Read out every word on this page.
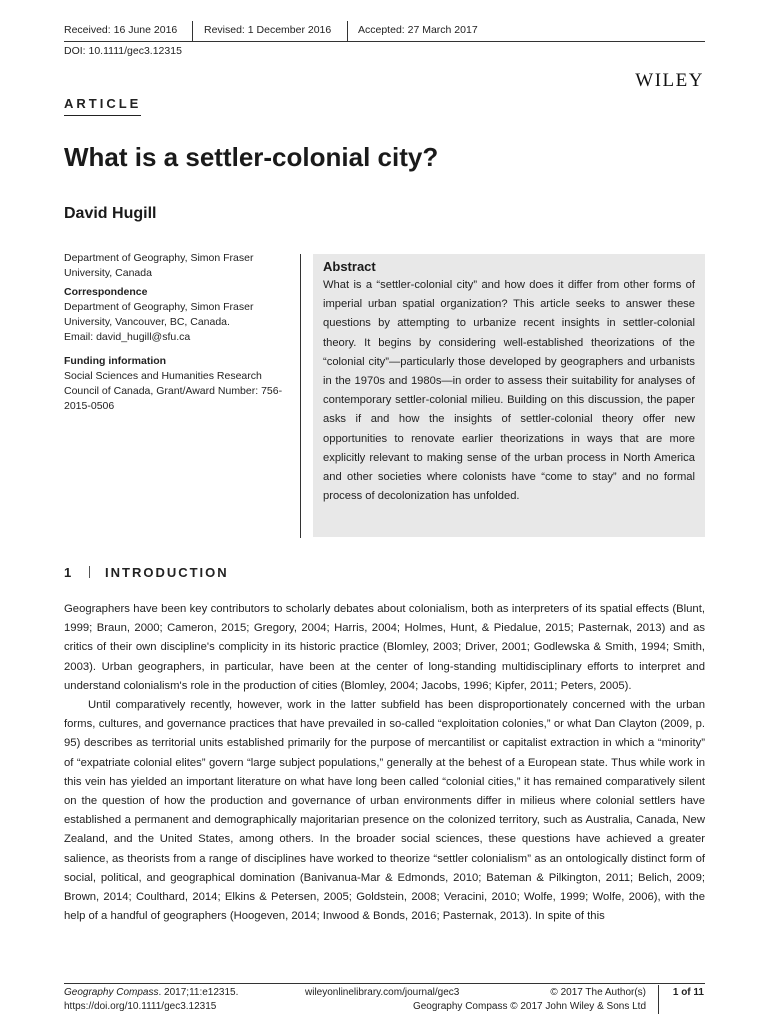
Received: 16 June 2016	Revised: 1 December 2016	Accepted: 27 March 2017
DOI: 10.1111/gec3.12315
WILEY
ARTICLE
What is a settler-colonial city?
David Hugill

Department of Geography, Simon Fraser University, Canada

Correspondence

Department of Geography, Simon Fraser University, Vancouver, BC, Canada.

Email: david_hugill@sfu.ca

Funding information

Social Sciences and Humanities Research Council of Canada, Grant/Award Number: 756-2015-0506

Abstract
What is a “settler-colonial city” and how does it differ from other forms of imperial urban spatial organization? This article seeks to answer these questions by attempting to urbanize recent insights in settler-colonial theory. It begins by considering well-established theorizations of the “colonial city”—particularly those developed by geographers and urbanists in the 1970s and 1980s—in order to assess their suitability for analyses of contemporary settler-colonial milieu. Building on this discussion, the paper asks if and how the insights of settler-colonial theory offer new opportunities to renovate earlier theorizations in ways that are more explicitly relevant to making sense of the urban process in North America and other societies where colonists have “come to stay” and no formal process of decolonization has unfolded.
1	INTRODUCTION

Geographers have been key contributors to scholarly debates about colonialism, both as interpreters of its spatial effects (Blunt, 1999; Braun, 2000; Cameron, 2015; Gregory, 2004; Harris, 2004; Holmes, Hunt, & Piedalue, 2015; Pasternak, 2013) and as critics of their own discipline's complicity in its historic practice (Blomley, 2003; Driver, 2001; Godlewska & Smith, 1994; Smith, 2003). Urban geographers, in particular, have been at the center of long-standing multidisciplinary efforts to interpret and understand colonialism's role in the production of cities (Blomley, 2004; Jacobs, 1996; Kipfer, 2011; Peters, 2005).

Until comparatively recently, however, work in the latter subfield has been disproportionately concerned with the urban forms, cultures, and governance practices that have prevailed in so-called “exploitation colonies,” or what Dan Clayton (2009, p. 95) describes as territorial units established primarily for the purpose of mercantilist or capitalist extraction in which a “minority” of “expatriate colonial elites” govern “large subject populations,” generally at the behest of a European state. Thus while work in this vein has yielded an important literature on what have long been called “colonial cities,” it has remained comparatively silent on the question of how the production and governance of urban environments differ in milieus where colonial settlers have established a permanent and demographically majoritarian presence on the colonized territory, such as Australia, Canada, New Zealand, and the United States, among others. In the broader social sciences, these questions have achieved a greater salience, as theorists from a range of disciplines have worked to theorize “settler colonialism” as an ontologically distinct form of social, political, and geographical domination (Banivanua-Mar & Edmonds, 2010; Bateman & Pilkington, 2011; Belich, 2009; Brown, 2014; Coulthard, 2014; Elkins & Petersen, 2005; Goldstein, 2008; Veracini, 2010; Wolfe, 1999; Wolfe, 2006), with the help of a handful of geographers (Hoogeven, 2014; Inwood & Bonds, 2016; Pasternak, 2013). In spite of this

Geography Compass. 2017;11:e12315.
https://doi.org/10.1111/gec3.12315
wileyonlinelibrary.com/journal/gec3	© 2017 The Author(s)
Geography Compass © 2017 John Wiley & Sons Ltd
1 of 11
